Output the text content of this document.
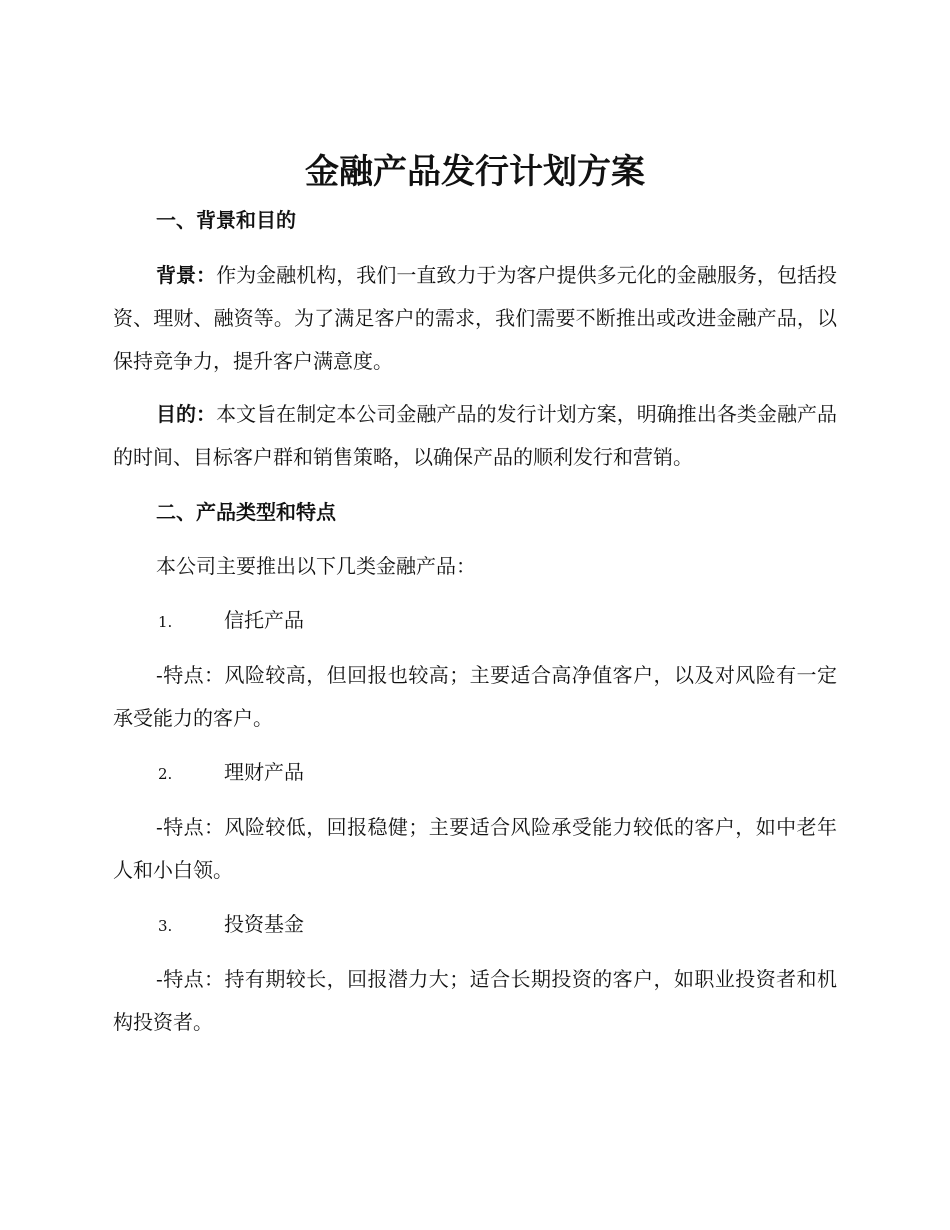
金融产品发行计划方案
一、背景和目的

背景：作为金融机构，我们一直致力于为客户提供多元化的金融服务，包括投资、理财、融资等。为了满足客户的需求，我们需要不断推出或改进金融产品，以保持竞争力，提升客户满意度。

目的：本文旨在制定本公司金融产品的发行计划方案，明确推出各类金融产品的时间、目标客户群和销售策略，以确保产品的顺利发行和营销。

二、产品类型和特点

本公司主要推出以下几类金融产品：

1.	信托产品

-特点：风险较高，但回报也较高；主要适合高净值客户，以及对风险有一定承受能力的客户。

2.	理财产品

-特点：风险较低，回报稳健；主要适合风险承受能力较低的客户，如中老年人和小白领。

3.	投资基金

-特点：持有期较长，回报潜力大；适合长期投资的客户，如职业投资者和机构投资者。
